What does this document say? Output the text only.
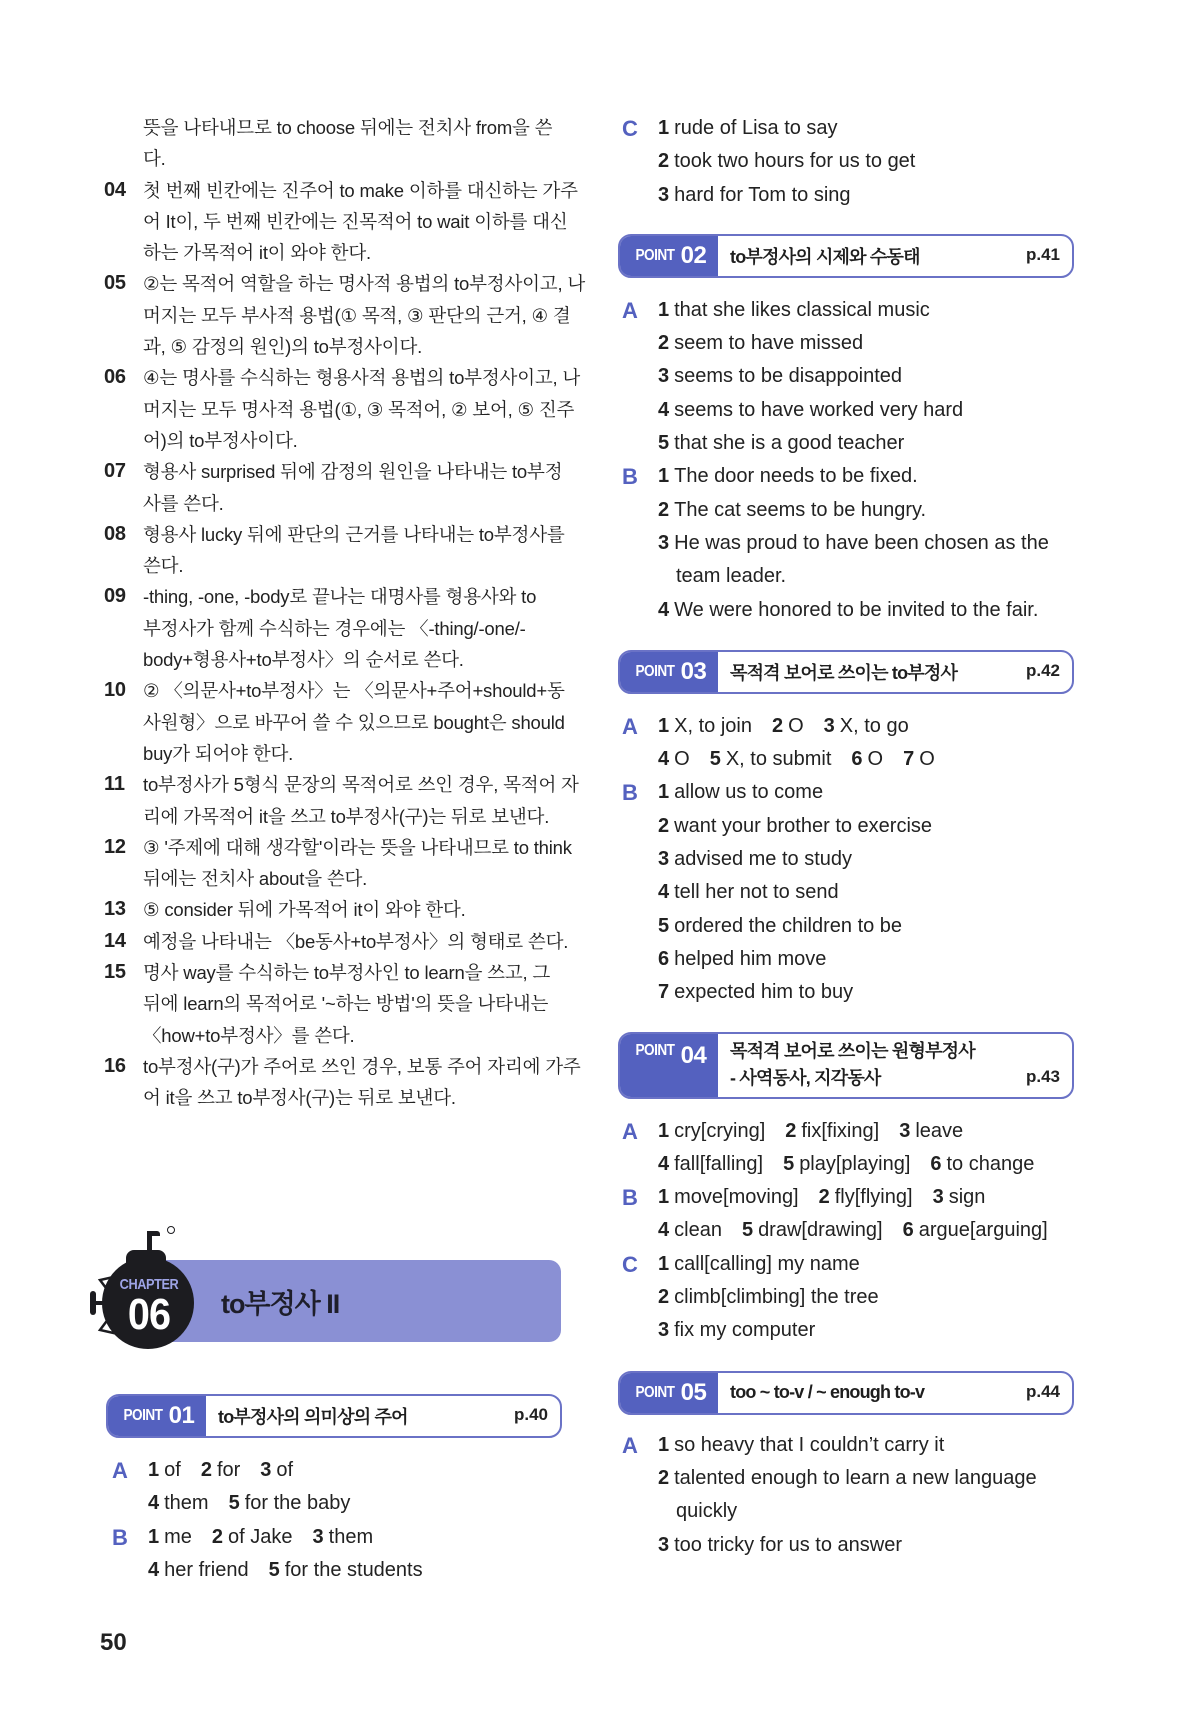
뜻을 나타내므로 to choose 뒤에는 전치사 from을 쓴
다.
04 첫 번째 빈칸에는 진주어 to make 이하를 대신하는 가주
어 It이, 두 번째 빈칸에는 진목적어 to wait 이하를 대신
하는 가목적어 it이 와야 한다.
05 ②는 목적어 역할을 하는 명사적 용법의 to부정사이고, 나
머지는 모두 부사적 용법(① 목적, ③ 판단의 근거, ④ 결
과, ⑤ 감정의 원인)의 to부정사이다.
06 ④는 명사를 수식하는 형용사적 용법의 to부정사이고, 나
머지는 모두 명사적 용법(①, ③ 목적어, ② 보어, ⑤ 진주
어)의 to부정사이다.
07 형용사 surprised 뒤에 감정의 원인을 나타내는 to부정
사를 쓴다.
08 형용사 lucky 뒤에 판단의 근거를 나타내는 to부정사를
쓴다.
09 -thing, -one, -body로 끝나는 대명사를 형용사와 to
부정사가 함께 수식하는 경우에는 〈-thing/-one/-
body+형용사+to부정사〉의 순서로 쓴다.
10 ② 〈의문사+to부정사〉는 〈의문사+주어+should+동
사원형〉으로 바꾸어 쓸 수 있으므로 bought은 should
buy가 되어야 한다.
11 to부정사가 5형식 문장의 목적어로 쓰인 경우, 목적어 자
리에 가목적어 it을 쓰고 to부정사(구)는 뒤로 보낸다.
12 ③ '주제에 대해 생각할'이라는 뜻을 나타내므로 to think
뒤에는 전치사 about을 쓴다.
13 ⑤ consider 뒤에 가목적어 it이 와야 한다.
14 예정을 나타내는 〈be동사+to부정사〉의 형태로 쓴다.
15 명사 way를 수식하는 to부정사인 to learn을 쓰고, 그
뒤에 learn의 목적어로 '~하는 방법'의 뜻을 나타내는
〈how+to부정사〉를 쓴다.
16 to부정사(구)가 주어로 쓰인 경우, 보통 주어 자리에 가주
어 it을 쓰고 to부정사(구)는 뒤로 보낸다.
to부정사 II
CHAPTER
06
POINT 01 to부정사의 의미상의 주어	p.40
A 1 of 2 for 3 of
4 them 5 for the baby
B 1 me 2 of Jake 3 them
4 her friend 5 for the students
C 1 rude of Lisa to say
2 took two hours for us to get
3 hard for Tom to sing
POINT 02 to부정사의 시제와 수동태	p.41
A 1 that she likes classical music
2 seem to have missed
3 seems to be disappointed
4 seems to have worked very hard
5 that she is a good teacher
B 1 The door needs to be fixed.
2 The cat seems to be hungry.
3 He was proud to have been chosen as the
team leader.
4 We were honored to be invited to the fair.
POINT 03 목적격 보어로 쓰이는 to부정사	p.42
A 1 X, to join 2 O 3 X, to go
4 O 5 X, to submit 6 O 7 O
B 1 allow us to come
2 want your brother to exercise
3 advised me to study
4 tell her not to send
5 ordered the children to be
6 helped him move
7 expected him to buy
POINT 04 목적격 보어로 쓰이는 원형부정사
- 사역동사, 지각동사	p.43
A 1 cry[crying] 2 fix[fixing] 3 leave
4 fall[falling] 5 play[playing] 6 to change
B 1 move[moving] 2 fly[flying] 3 sign
4 clean 5 draw[drawing] 6 argue[arguing]
C 1 call[calling] my name
2 climb[climbing] the tree
3 fix my computer
POINT 05 too ~ to-v / ~ enough to-v	p.44
A 1 so heavy that I couldn’t carry it
2 talented enough to learn a new language
quickly
3 too tricky for us to answer
50
